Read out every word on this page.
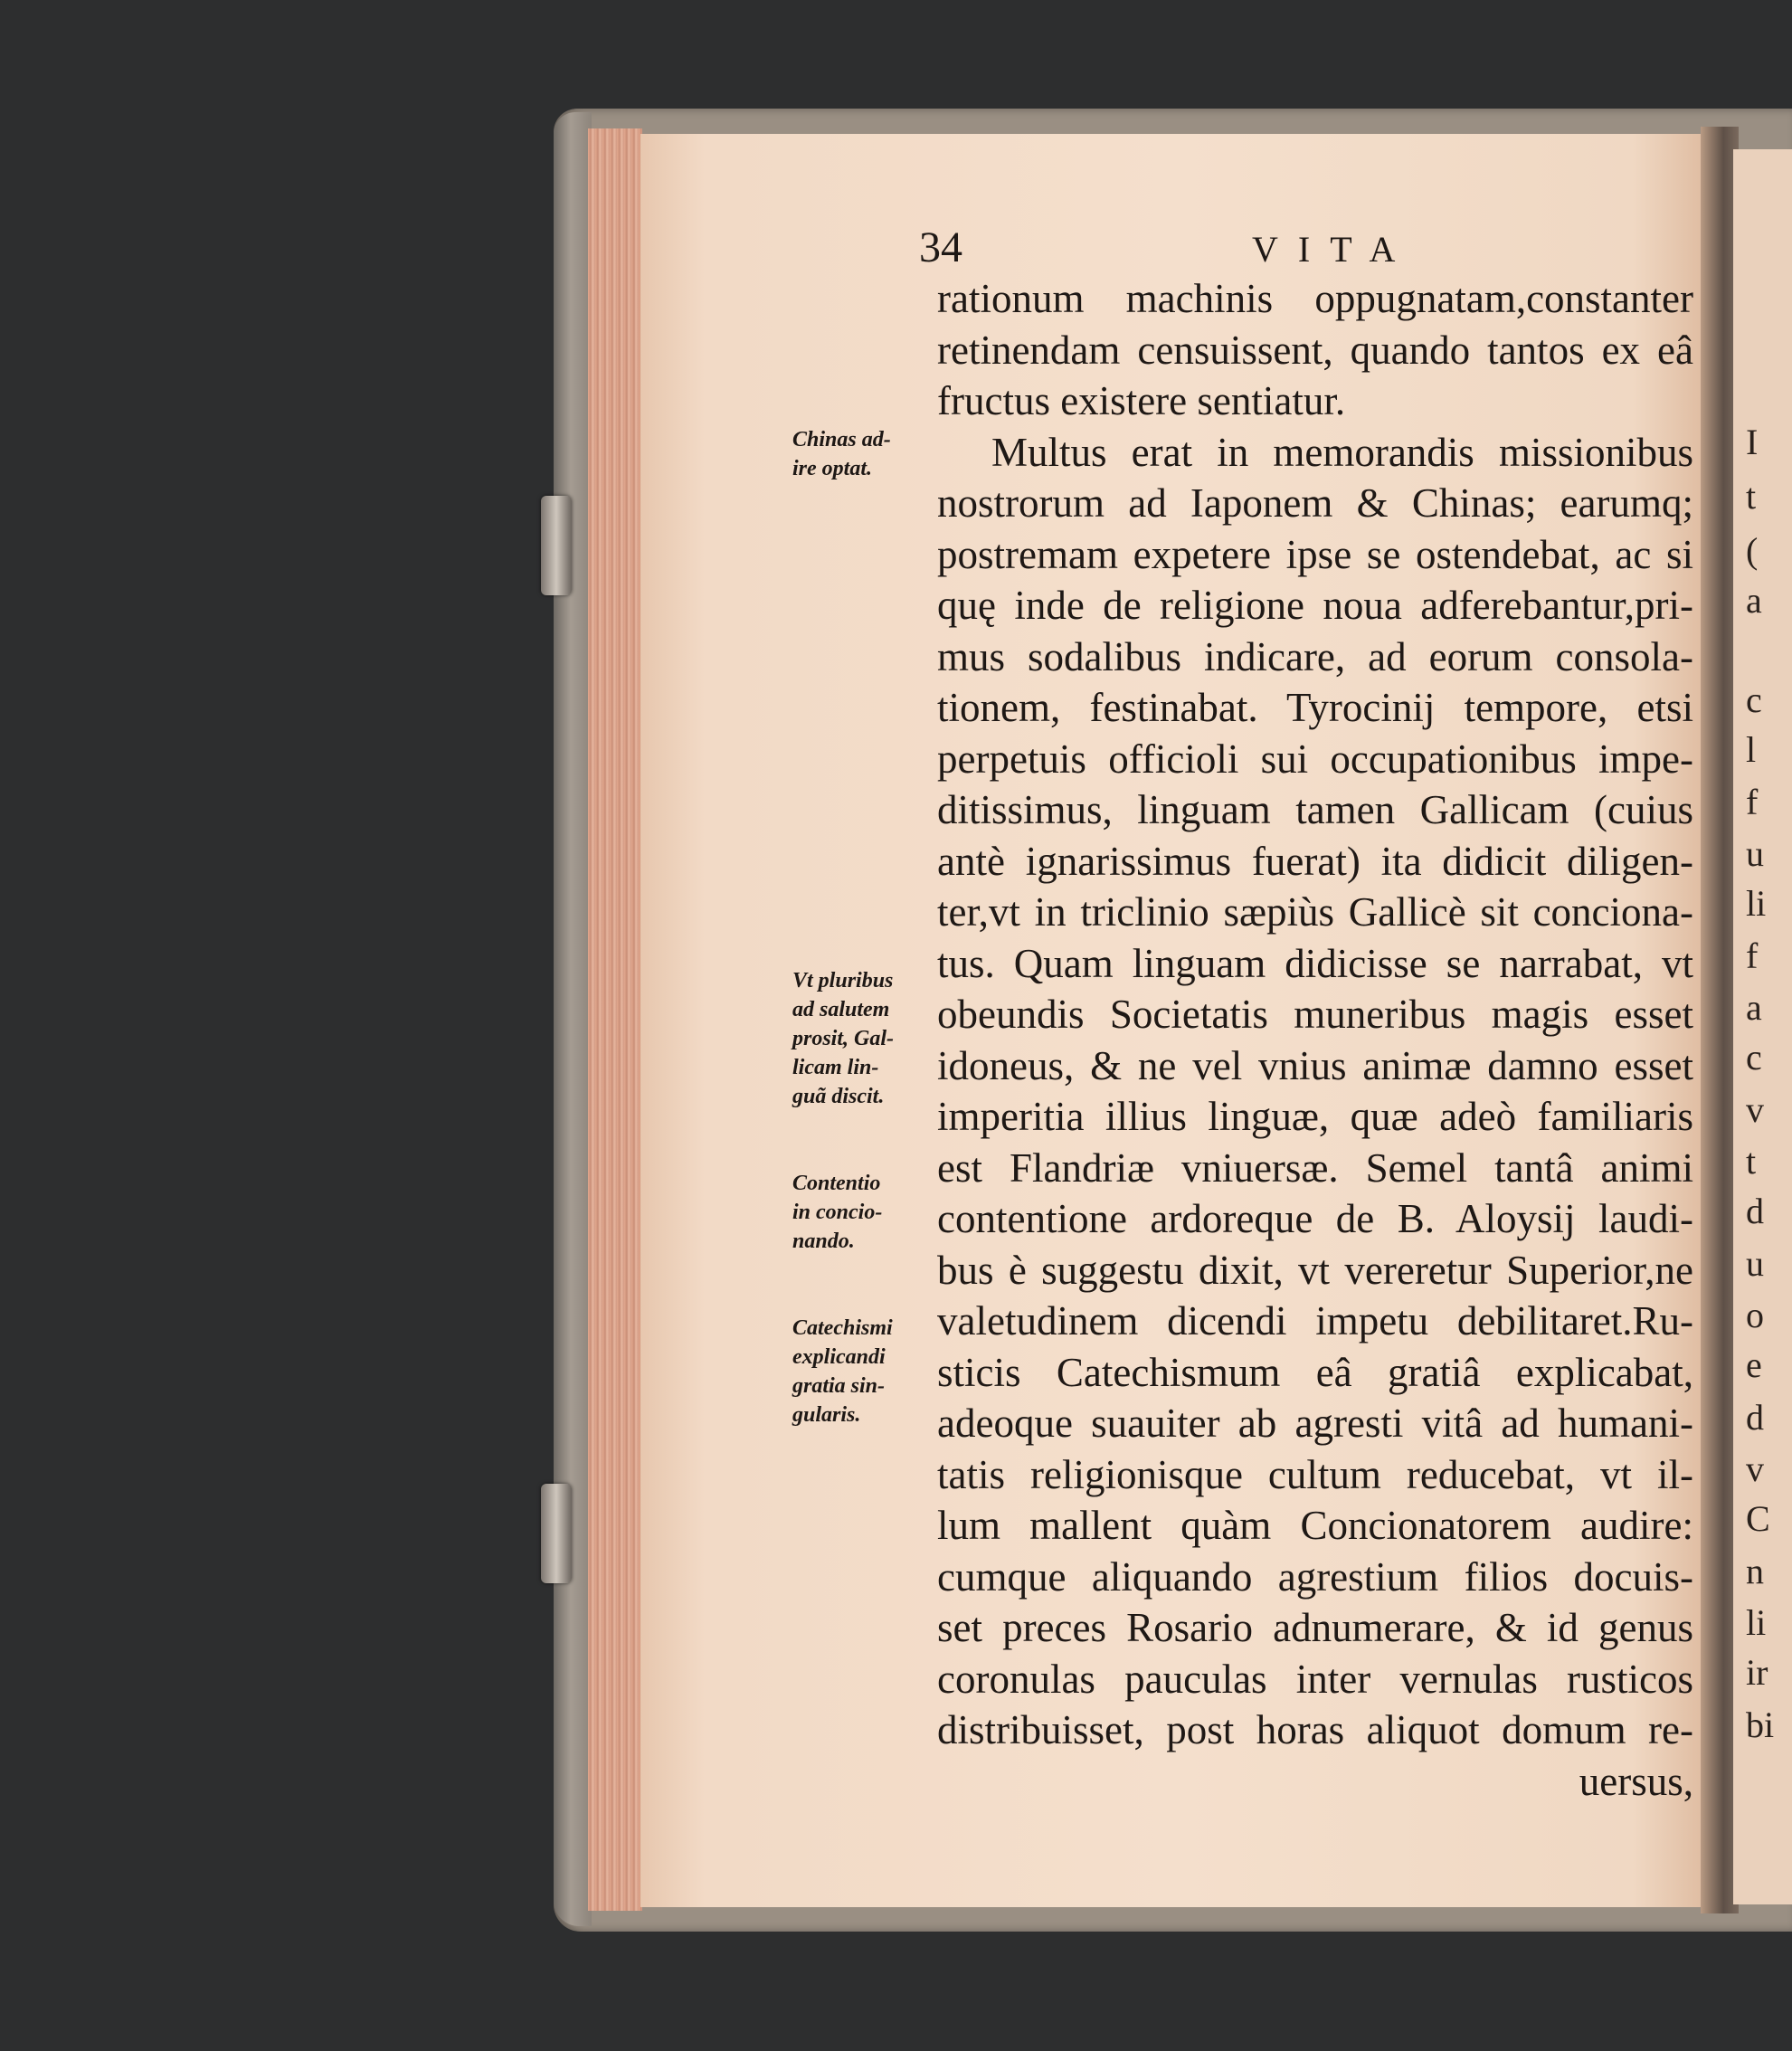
I
t
(
a
c
l
f
u
li
f
a
c
v
t
d
u
o
e
d
v
C
n
li
ir
bi
34	VITA
Chinas ad-
ire optat.
Vt pluribus
ad salutem
prosit, Gal-
licam lin-
guã discit.
Contentio
in concio-
nando.
Catechismi
explicandi
gratia sin-
gularis.
rationum machinis oppugnatam,constanter
retinendam censuissent, quando tantos ex eâ
fructus existere sentiatur.
Multus erat in memorandis missionibus
nostrorum ad Iaponem & Chinas; earumq;
postremam expetere ipse se ostendebat, ac si
quę inde de religione noua adferebantur,pri-
mus sodalibus indicare, ad eorum consola-
tionem, festinabat. Tyrocinij tempore, etsi
perpetuis officioli sui occupationibus impe-
ditissimus, linguam tamen Gallicam (cuius
antè ignarissimus fuerat) ita didicit diligen-
ter,vt in triclinio sæpiùs Gallicè sit conciona-
tus. Quam linguam didicisse se narrabat, vt
obeundis Societatis muneribus magis esset
idoneus, & ne vel vnius animæ damno esset
imperitia illius linguæ, quæ adeò familiaris
est Flandriæ vniuersæ. Semel tantâ animi
contentione ardoreque de B. Aloysij laudi-
bus è suggestu dixit, vt vereretur Superior,ne
valetudinem dicendi impetu debilitaret.Ru-
sticis Catechismum eâ gratiâ explicabat,
adeoque suauiter ab agresti vitâ ad humani-
tatis religionisque cultum reducebat, vt il-
lum mallent quàm Concionatorem audire:
cumque aliquando agrestium filios docuis-
set preces Rosario adnumerare, & id genus
coronulas pauculas inter vernulas rusticos
distribuisset, post horas aliquot domum re-
uersus,
